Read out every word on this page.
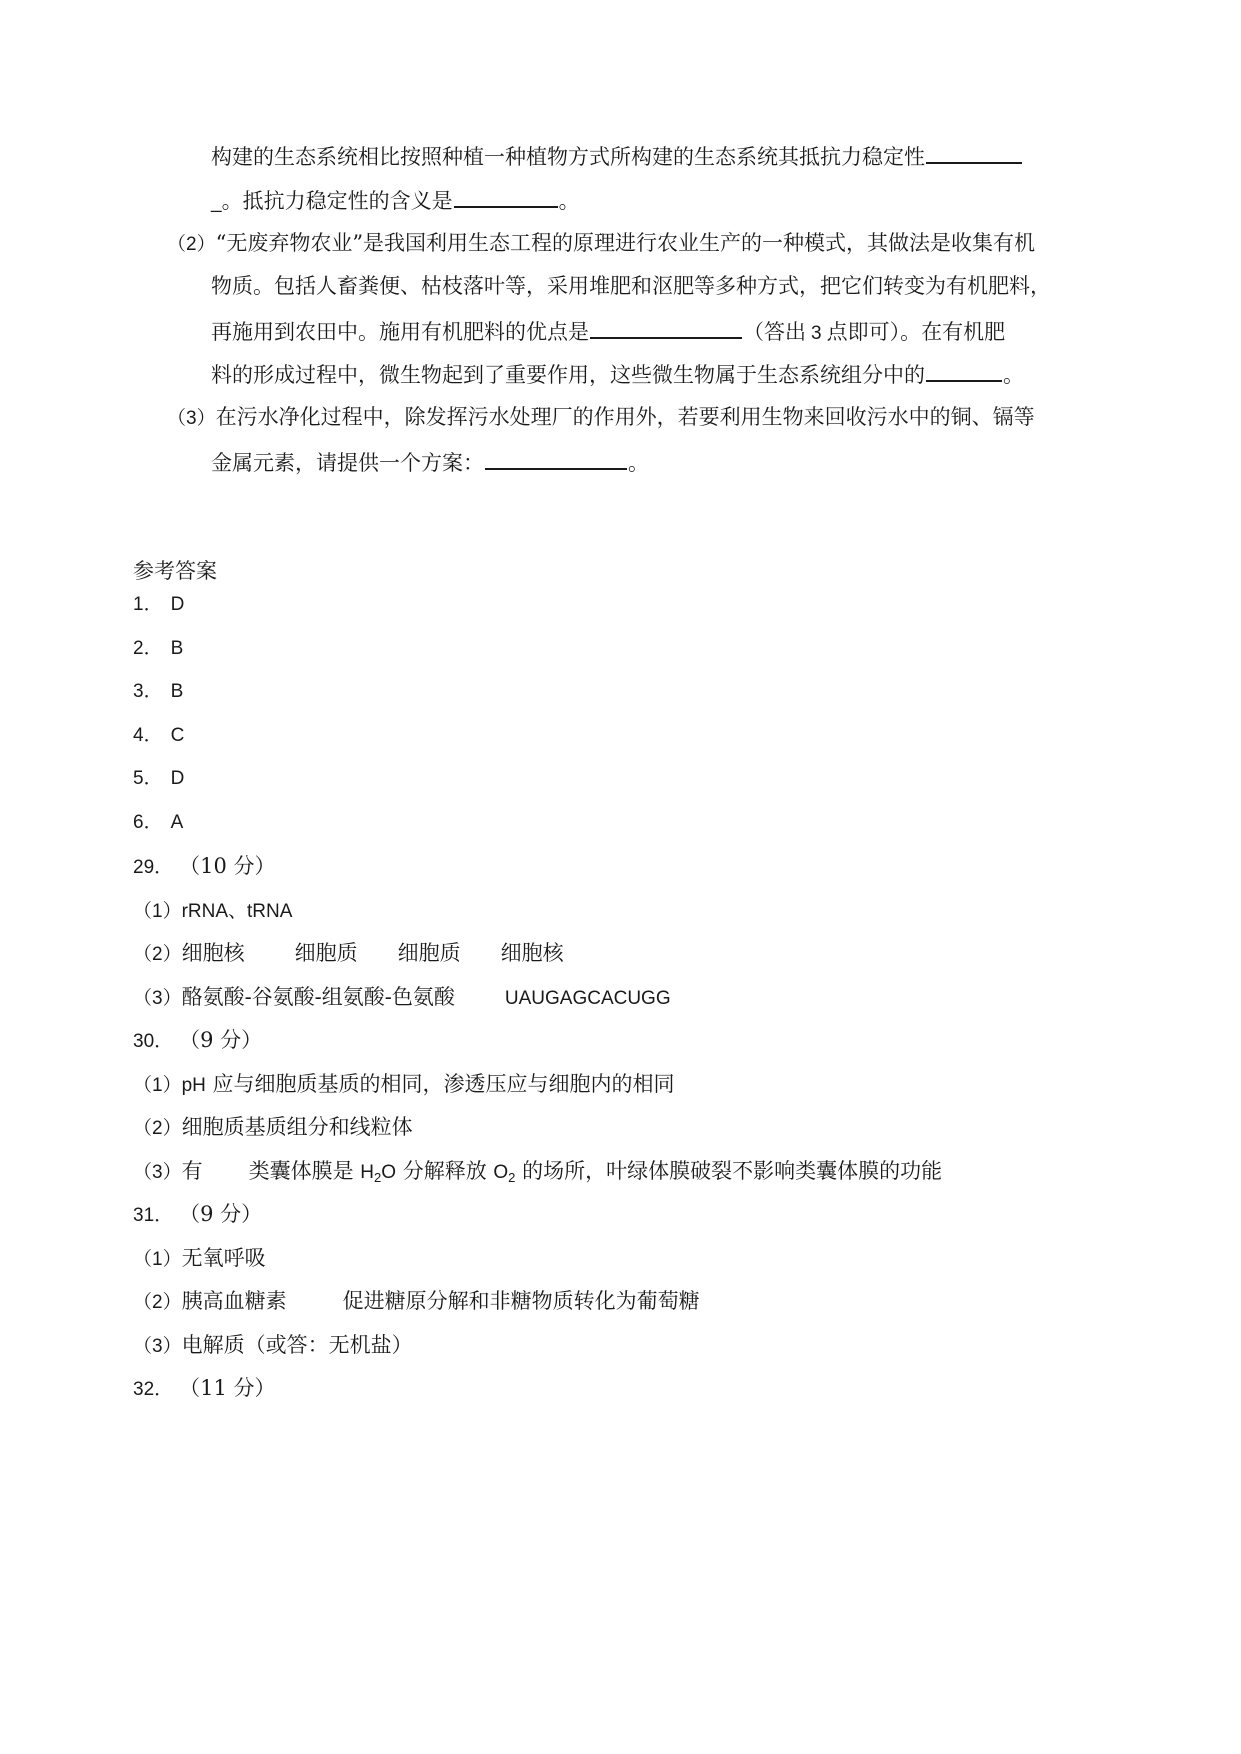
构建的生态系统相比按照种植一种植物方式所构建的生态系统其抵抗力稳定性
_。抵抗力稳定性的含义是	。
（2）“无废弃物农业”是我国利用生态工程的原理进行农业生产的一种模式，其做法是收集有机
物质。包括人畜粪便、枯枝落叶等，采用堆肥和沤肥等多种方式，把它们转变为有机肥料，
再施用到农田中。施用有机肥料的优点是	（答出 3 点即可）。在有机肥
料的形成过程中，微生物起到了重要作用，这些微生物属于生态系统组分中的	。
（3）在污水净化过程中，除发挥污水处理厂的作用外，若要利用生物来回收污水中的铜、镉等
金属元素，请提供一个方案：	。
参考答案
1． D
2． B
3． B
4． C
5． D
6． A
29． （10 分）
（1）rRNA、tRNA
（2）细胞核 细胞质 细胞质 细胞核
（3）酪氨酸-谷氨酸-组氨酸-色氨酸	UAUGAGCACUGG
30． （9 分）
（1）pH 应与细胞质基质的相同，渗透压应与细胞内的相同
（2）细胞质基质组分和线粒体
（3）有 类囊体膜是 $H_2O$ 分解释放 $O_2$ 的场所，叶绿体膜破裂不影响类囊体膜的功能
31． （9 分）
（1）无氧呼吸
（2）胰高血糖素	促进糖原分解和非糖物质转化为葡萄糖
（3）电解质（或答：无机盐）
32． （11 分）
